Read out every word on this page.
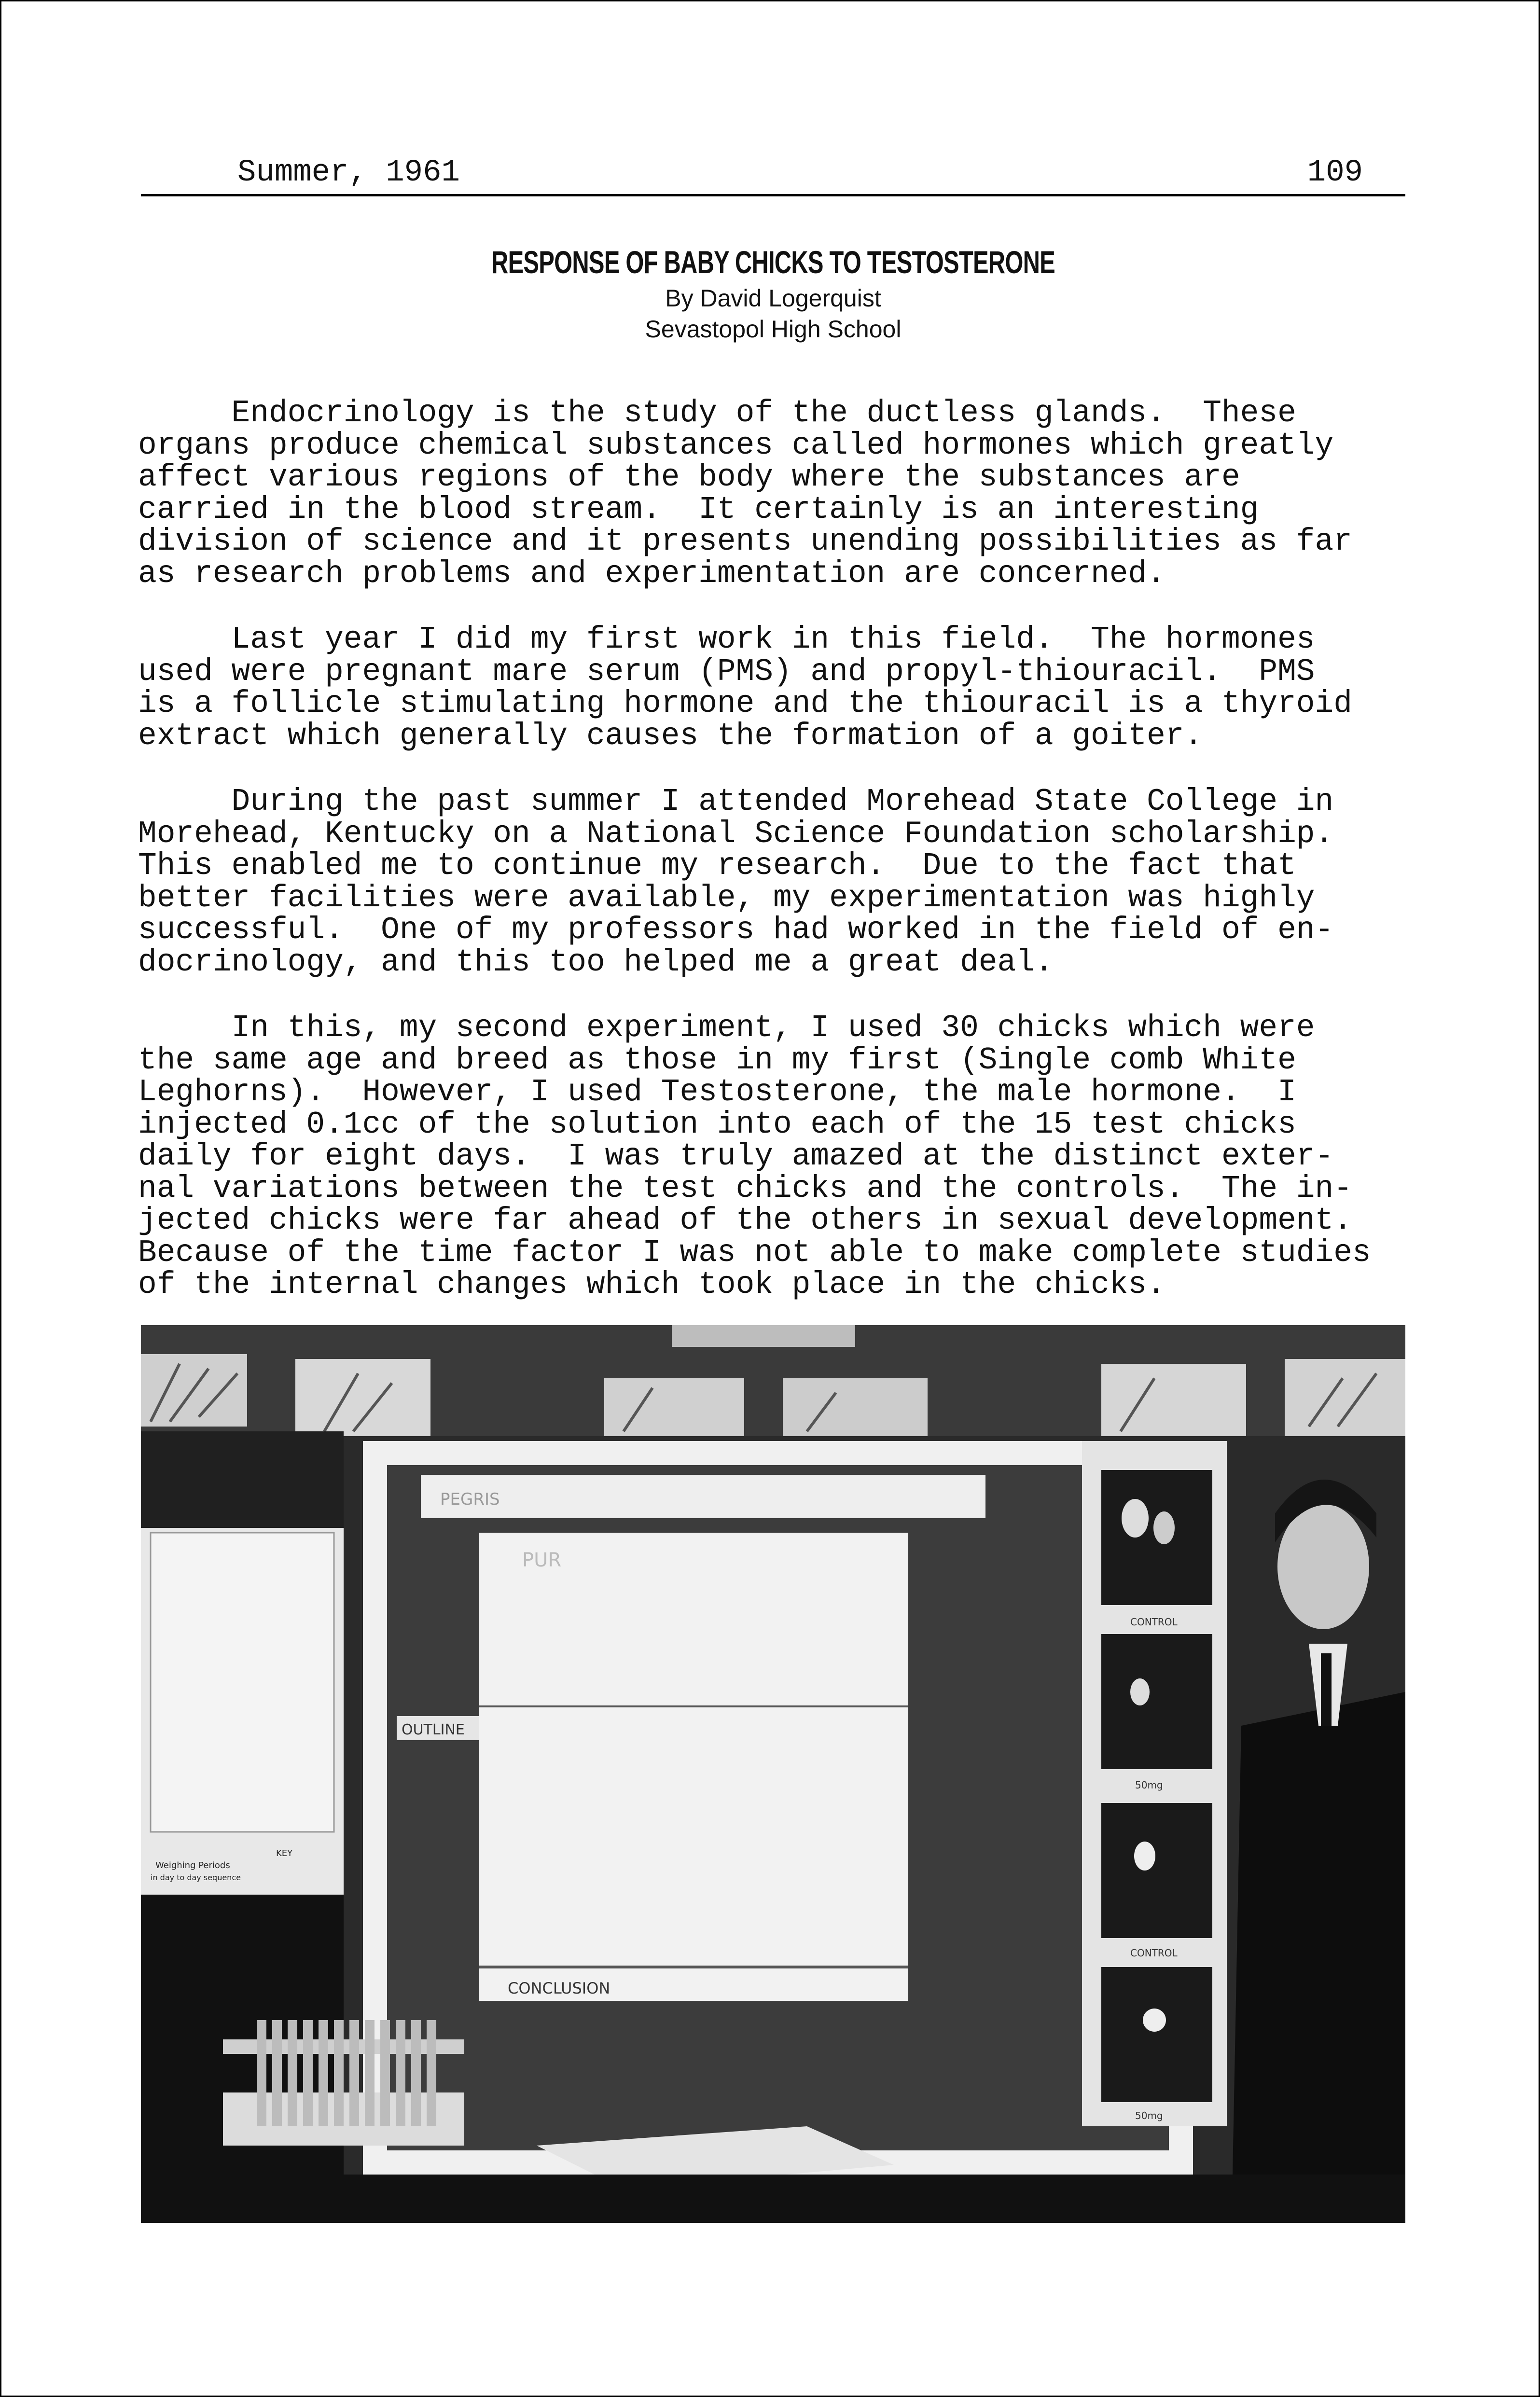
Summer, 1961	109
RESPONSE OF BABY CHICKS TO TESTOSTERONE
By David Logerquist
Sevastopol High School

Endocrinology is the study of the ductless glands.  These
organs produce chemical substances called hormones which greatly
affect various regions of the body where the substances are
carried in the blood stream.  It certainly is an interesting
division of science and it presents unending possibilities as far
as research problems and experimentation are concerned.

Last year I did my first work in this field.  The hormones
used were pregnant mare serum (PMS) and propyl-thiouracil.  PMS
is a follicle stimulating hormone and the thiouracil is a thyroid
extract which generally causes the formation of a goiter.

During the past summer I attended Morehead State College in
Morehead, Kentucky on a National Science Foundation scholarship.
This enabled me to continue my research.  Due to the fact that
better facilities were available, my experimentation was highly
successful.  One of my professors had worked in the field of en-
docrinology, and this too helped me a great deal.

In this, my second experiment, I used 30 chicks which were
the same age and breed as those in my first (Single comb White
Leghorns).  However, I used Testosterone, the male hormone.  I
injected 0.1cc of the solution into each of the 15 test chicks
daily for eight days.  I was truly amazed at the distinct exter-
nal variations between the test chicks and the controls.  The in-
jected chicks were far ahead of the others in sexual development.
Because of the time factor I was not able to make complete studies
of the internal changes which took place in the chicks.

Weighing Periods
in day to day sequence
KEY
PEGRIS
PUR
OUTLINE
CONCLUSION
CONTROL
50mg
CONTROL
50mg
